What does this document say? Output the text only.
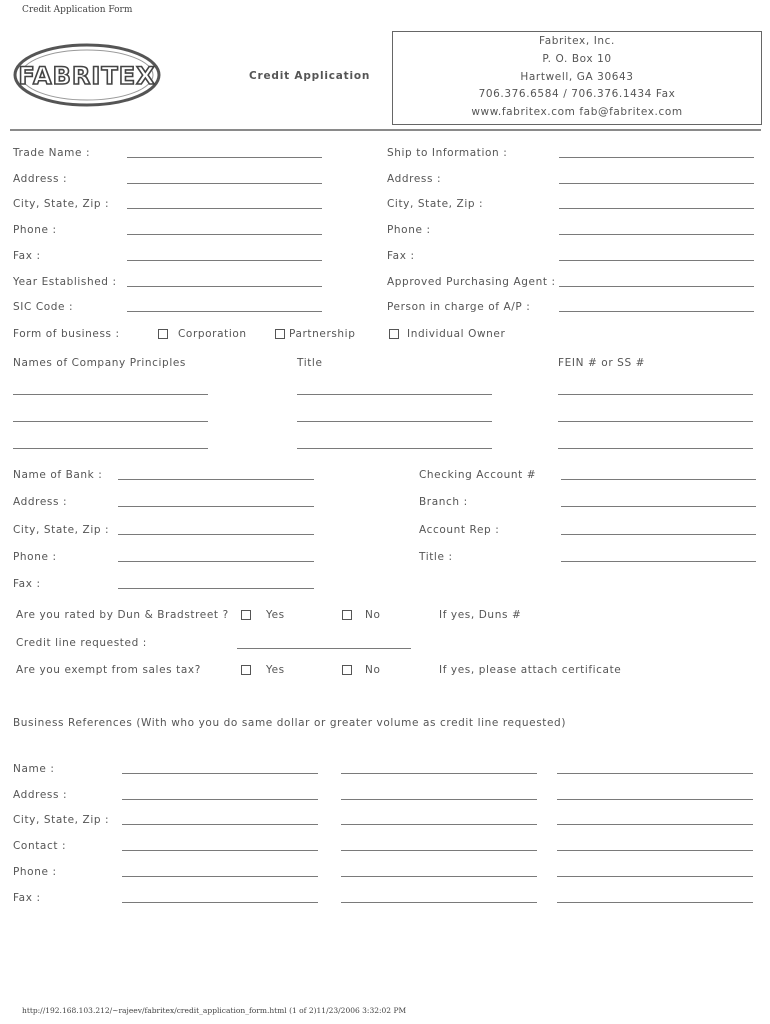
Credit Application Form
FABRITEX	Credit Application
Fabritex, Inc.
P. O. Box 10
Hartwell, GA 30643
706.376.6584 / 706.376.1434 Fax
www.fabritex.com fab@fabritex.com
Trade Name :	Ship to Information :
Address :	Address :
City, State, Zip :	City, State, Zip :
Phone :	Phone :
Fax :	Fax :
Year Established :	Approved Purchasing Agent :
SIC Code :	Person in charge of A/P :
Form of business :	Corporation	Partnership	Individual Owner
Names of Company Principles	Title	FEIN # or SS #
Name of Bank :	Checking Account #
Address :	Branch :
City, State, Zip :	Account Rep :
Phone :	Title :
Fax :
Are you rated by Dun & Bradstreet ?	Yes	No	If yes, Duns #
Credit line requested :
Are you exempt from sales tax?	Yes	No	If yes, please attach certificate
Business References (With who you do same dollar or greater volume as credit line requested)
Name :
Address :
City, State, Zip :
Contact :
Phone :
Fax :
http://192.168.103.212/~rajeev/fabritex/credit_application_form.html (1 of 2)11/23/2006 3:32:02 PM
